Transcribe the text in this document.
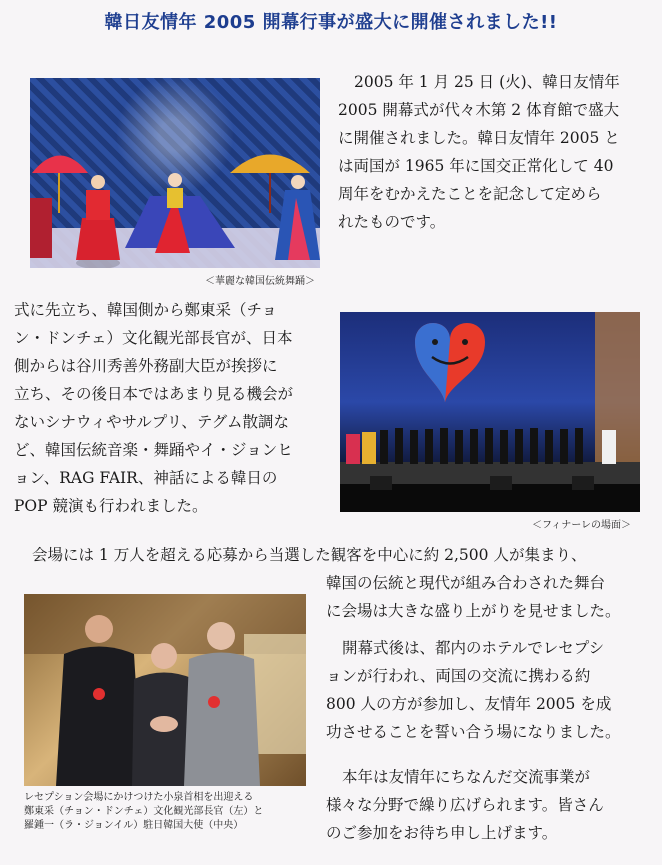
韓日友情年 2005 開幕行事が盛大に開催されました!!
＜華麗な韓国伝統舞踊＞
2005 年 1 月 25 日 (火)、韓日友情年
2005 開幕式が代々木第 2 体育館で盛大
に開催されました。韓日友情年 2005 と
は両国が 1965 年に国交正常化して 40
周年をむかえたことを記念して定めら
れたものです。
式に先立ち、韓国側から鄭東采（チョ
ン・ドンチェ）文化観光部長官が、日本
側からは谷川秀善外務副大臣が挨拶に
立ち、その後日本ではあまり見る機会が
ないシナウィやサルプリ、テグム散調な
ど、韓国伝統音楽・舞踊やイ・ジョンヒ
ョン、RAG FAIR、神話による韓日の
POP 競演も行われました。
＜フィナーレの場面＞
会場には 1 万人を超える応募から当選した観客を中心に約 2,500 人が集まり、
韓国の伝統と現代が組み合わされた舞台
に会場は大きな盛り上がりを見せました。
レセプション会場にかけつけた小泉首相を出迎える
鄭東采（チョン・ドンチェ）文化観光部長官（左）と
羅鍾一（ラ・ジョンイル）駐日韓国大使（中央）
開幕式後は、都内のホテルでレセプシ
ョンが行われ、両国の交流に携わる約
800 人の方が参加し、友情年 2005 を成
功させることを誓い合う場になりました。
本年は友情年にちなんだ交流事業が
様々な分野で繰り広げられます。皆さん
のご参加をお待ち申し上げます。
